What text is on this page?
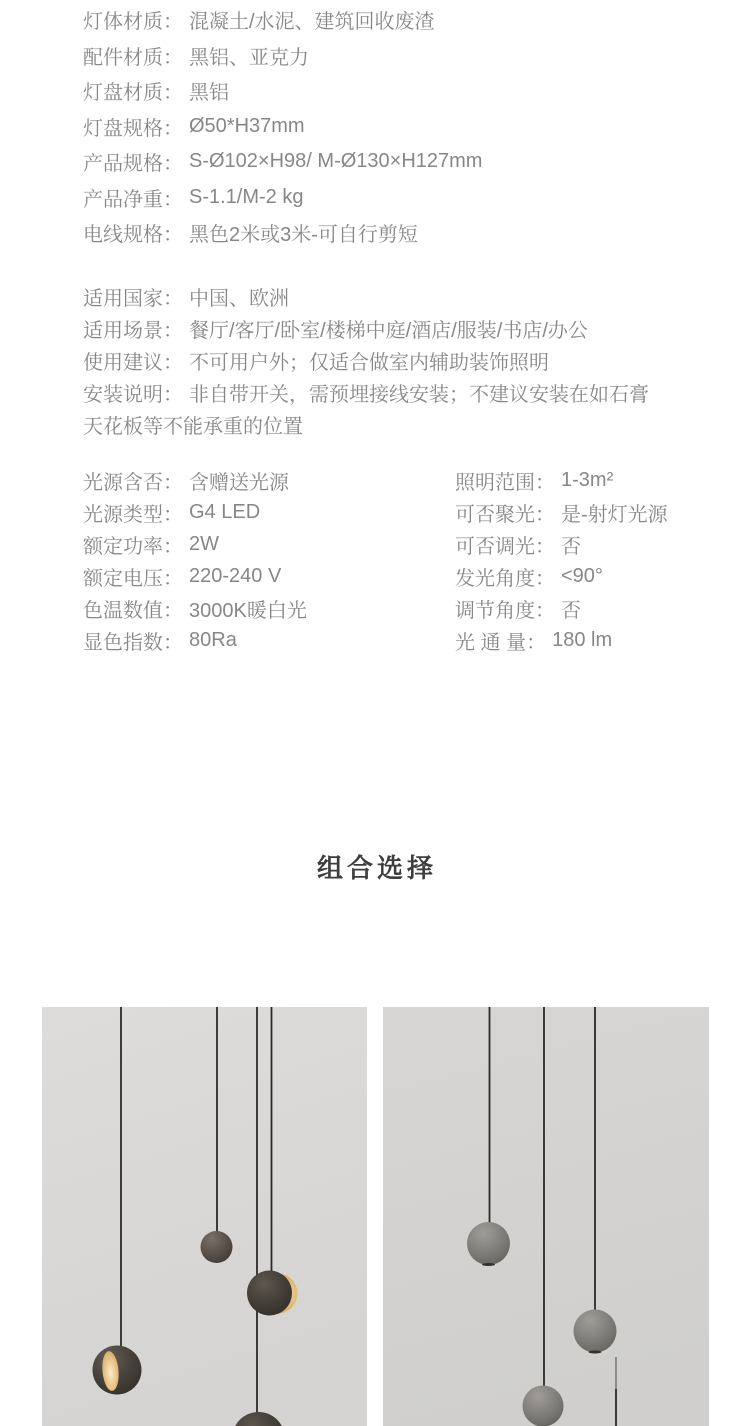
灯体材质： 混凝土/水泥、建筑回收废渣
配件材质： 黑铝、亚克力
灯盘材质： 黑铝
灯盘规格： Ø50*H37mm
产品规格： S-Ø102×H98/ M-Ø130×H127mm
产品净重： S-1.1/M-2 kg
电线规格： 黑色2米或3米-可自行剪短
适用国家： 中国、欧洲
适用场景： 餐厅/客厅/卧室/楼梯中庭/酒店/服装/书店/办公
使用建议： 不可用户外；仅适合做室内辅助装饰照明
安装说明： 非自带开关，需预埋接线安装；不建议安装在如石膏
天花板等不能承重的位置
光源含否： 含赠送光源
光源类型： G4 LED
额定功率： 2W
额定电压： 220-240 V
色温数值： 3000K暖白光
显色指数： 80Ra
照明范围： 1-3m²
可否聚光： 是-射灯光源
可否调光： 否
发光角度： <90°
调节角度： 否
光 通 量： 180 lm
组合选择
